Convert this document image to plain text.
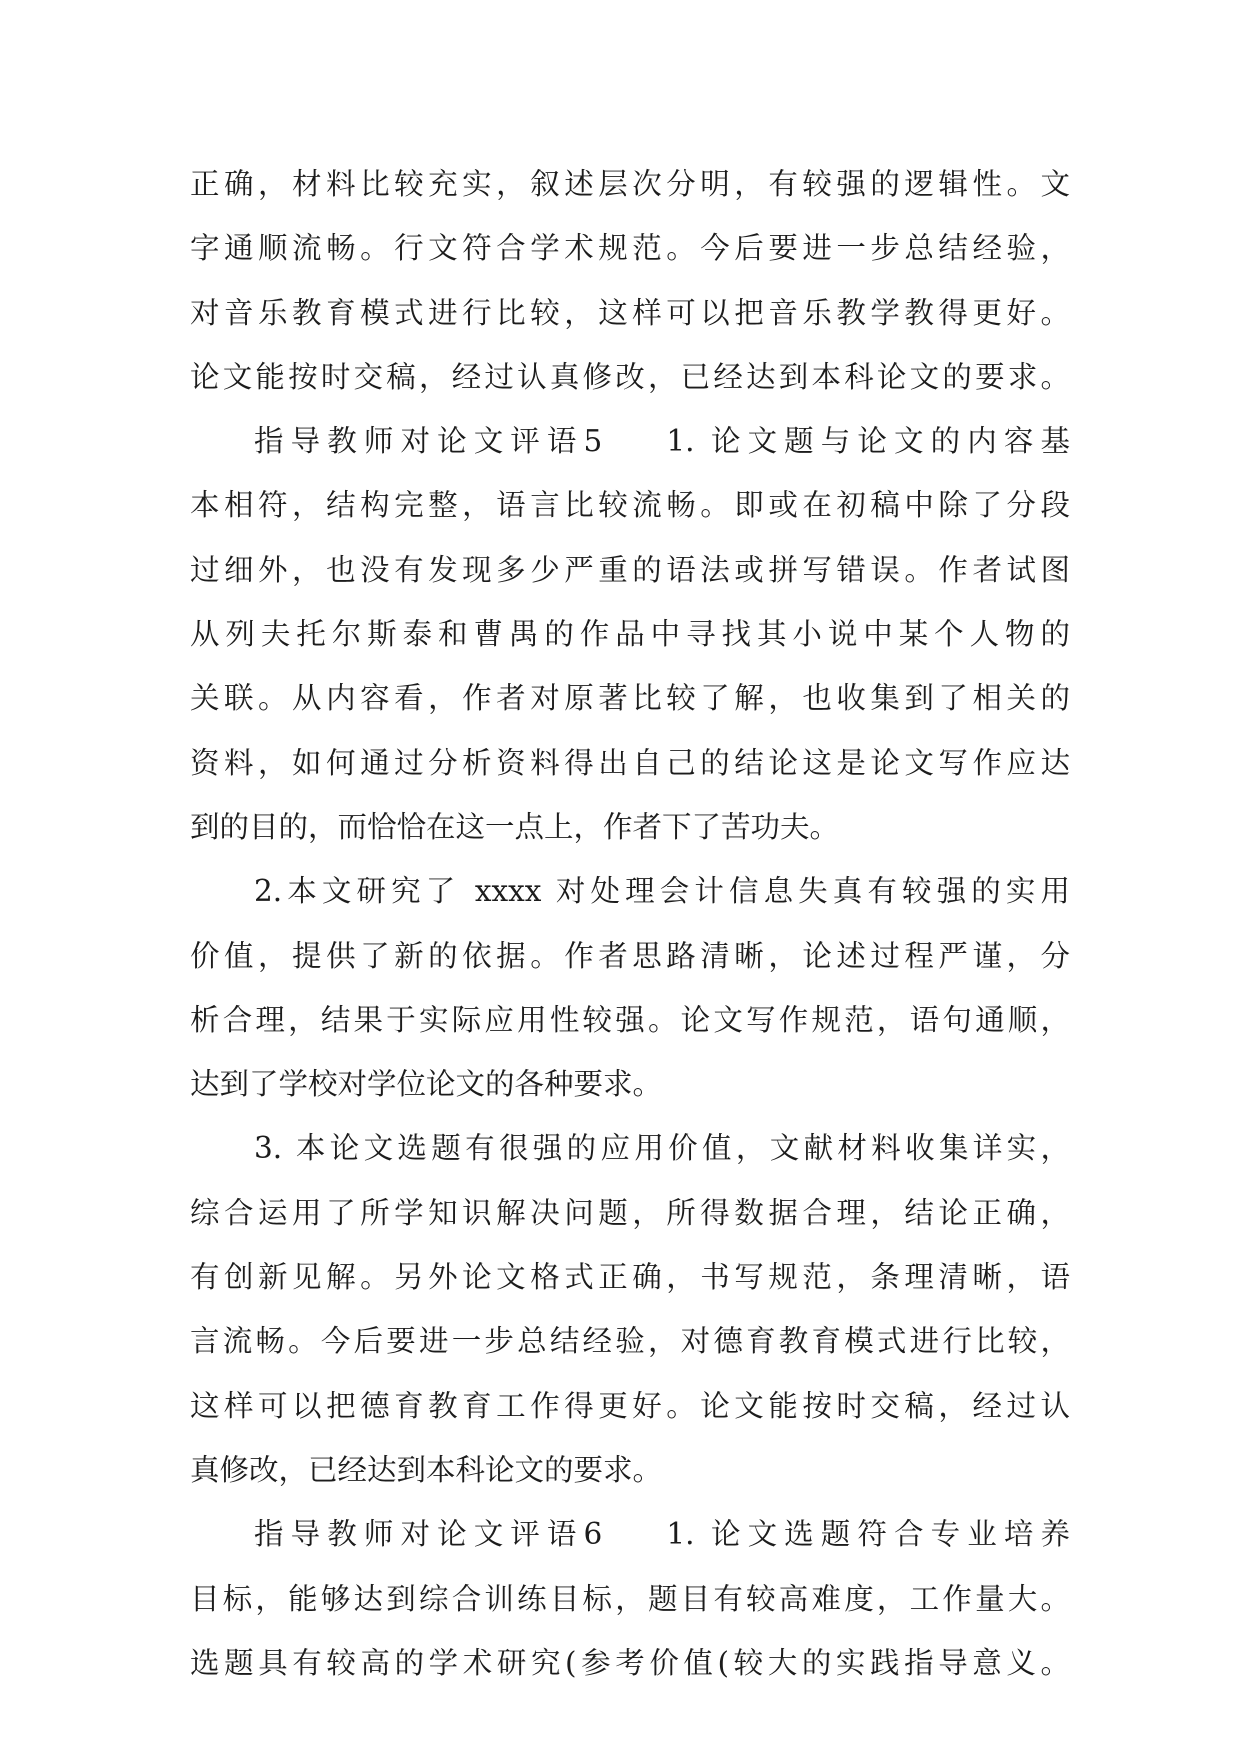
正确，材料比较充实，叙述层次分明，有较强的逻辑性。文
字通顺流畅。行文符合学术规范。今后要进一步总结经验，
对音乐教育模式进行比较，这样可以把音乐教学教得更好。
论文能按时交稿，经过认真修改，已经达到本科论文的要求。
指导教师对论文评语5 1. 论文题与论文的内容基
本相符，结构完整，语言比较流畅。即或在初稿中除了分段
过细外，也没有发现多少严重的语法或拼写错误。作者试图
从列夫托尔斯泰和曹禺的作品中寻找其小说中某个人物的
关联。从内容看，作者对原著比较了解，也收集到了相关的
资料，如何通过分析资料得出自己的结论这是论文写作应达
到的目的，而恰恰在这一点上，作者下了苦功夫。
2.本文研究了 xxxx 对处理会计信息失真有较强的实用
价值，提供了新的依据。作者思路清晰，论述过程严谨，分
析合理，结果于实际应用性较强。论文写作规范，语句通顺，
达到了学校对学位论文的各种要求。
3. 本论文选题有很强的应用价值，文献材料收集详实，
综合运用了所学知识解决问题，所得数据合理，结论正确，
有创新见解。另外论文格式正确，书写规范，条理清晰，语
言流畅。今后要进一步总结经验，对德育教育模式进行比较，
这样可以把德育教育工作得更好。论文能按时交稿，经过认
真修改，已经达到本科论文的要求。
指导教师对论文评语6 1. 论文选题符合专业培养
目标，能够达到综合训练目标，题目有较高难度，工作量大。
选题具有较高的学术研究(参考价值(较大的实践指导意义。
